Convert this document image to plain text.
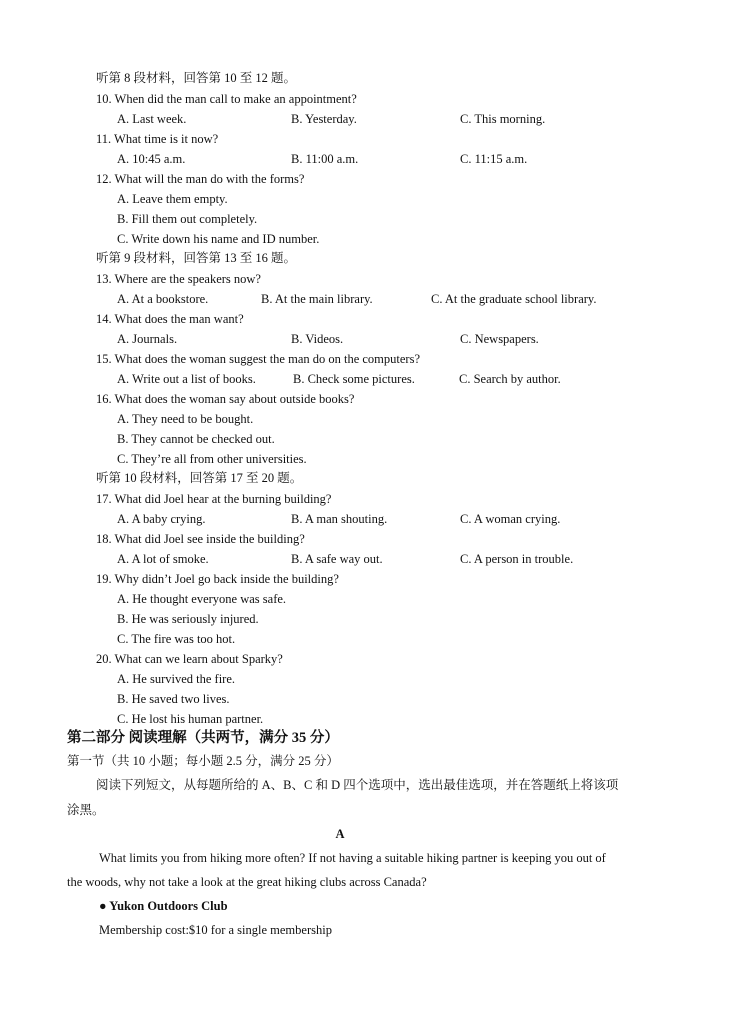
听第 8 段材料，回答第 10 至 12 题。
10. When did the man call to make an appointment?
A. Last week.	B. Yesterday.	C. This morning.
11. What time is it now?
A. 10:45 a.m.	B. 11:00 a.m.	C. 11:15 a.m.
12. What will the man do with the forms?
A. Leave them empty.
B. Fill them out completely.
C. Write down his name and ID number.
听第 9 段材料，回答第 13 至 16 题。
13. Where are the speakers now?
A. At a bookstore.	B. At the main library.	C. At the graduate school library.
14. What does the man want?
A. Journals.	B. Videos.	C. Newspapers.
15. What does the woman suggest the man do on the computers?
A. Write out a list of books.	B. Check some pictures.	C. Search by author.
16. What does the woman say about outside books?
A. They need to be bought.
B. They cannot be checked out.
C. They’re all from other universities.
听第 10 段材料，回答第 17 至 20 题。
17. What did Joel hear at the burning building?
A. A baby crying.	B. A man shouting.	C. A woman crying.
18. What did Joel see inside the building?
A. A lot of smoke.	B. A safe way out.	C. A person in trouble.
19. Why didn’t Joel go back inside the building?
A. He thought everyone was safe.
B. He was seriously injured.
C. The fire was too hot.
20. What can we learn about Sparky?
A. He survived the fire.
B. He saved two lives.
C. He lost his human partner.
第二部分 阅读理解（共两节，满分 35 分）
第一节（共 10 小题；每小题 2.5 分，满分 25 分）
阅读下列短文，从每题所给的 A、B、C 和 D 四个选项中，选出最佳选项，并在答题纸上将该项
涂黑。
A
What limits you from hiking more often? If not having a suitable hiking partner is keeping you out of
the woods, why not take a look at the great hiking clubs across Canada?
● Yukon Outdoors Club
Membership cost:$10 for a single membership
